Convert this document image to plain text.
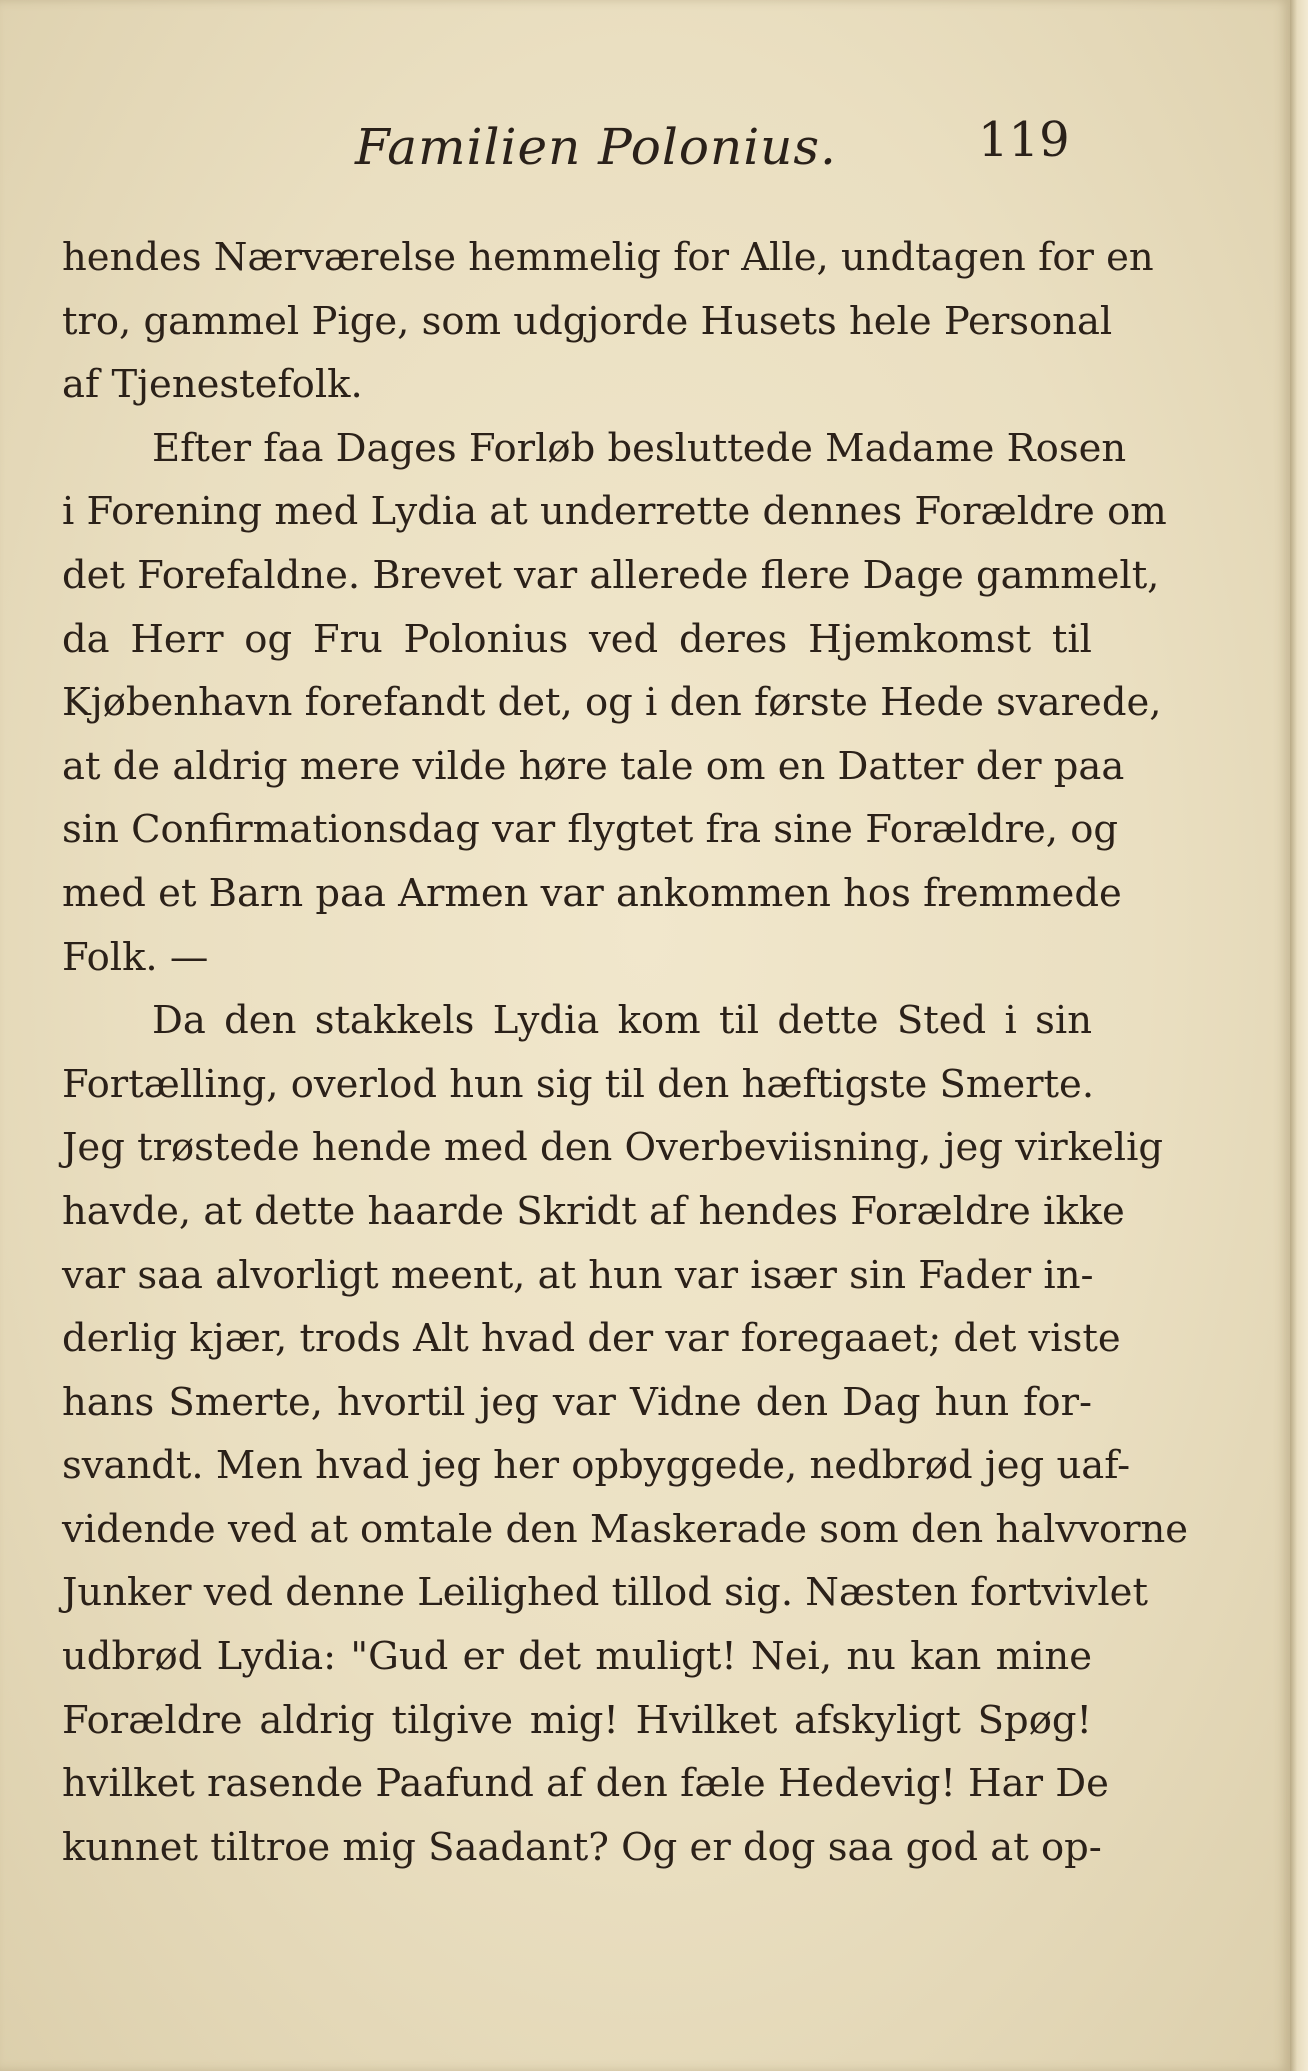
Familien Polonius.	119
hendes Nærværelse hemmelig for Alle, undtagen for en
tro, gammel Pige, som udgjorde Husets hele Personal
af Tjenestefolk.
Efter faa Dages Forløb besluttede Madame Rosen
i Forening med Lydia at underrette dennes Forældre om
det Forefaldne. Brevet var allerede flere Dage gammelt,
da Herr og Fru Polonius ved deres Hjemkomst til
Kjøbenhavn forefandt det, og i den første Hede svarede,
at de aldrig mere vilde høre tale om en Datter der paa
sin Confirmationsdag var flygtet fra sine Forældre, og
med et Barn paa Armen var ankommen hos fremmede
Folk. —
Da den stakkels Lydia kom til dette Sted i sin
Fortælling, overlod hun sig til den hæftigste Smerte.
Jeg trøstede hende med den Overbeviisning, jeg virkelig
havde, at dette haarde Skridt af hendes Forældre ikke
var saa alvorligt meent, at hun var især sin Fader in-
derlig kjær, trods Alt hvad der var foregaaet; det viste
hans Smerte, hvortil jeg var Vidne den Dag hun for-
svandt. Men hvad jeg her opbyggede, nedbrød jeg uaf-
vidende ved at omtale den Maskerade som den halvvorne
Junker ved denne Leilighed tillod sig. Næsten fortvivlet
udbrød Lydia: "Gud er det muligt! Nei, nu kan mine
Forældre aldrig tilgive mig! Hvilket afskyligt Spøg!
hvilket rasende Paafund af den fæle Hedevig! Har De
kunnet tiltroe mig Saadant? Og er dog saa god at op-
